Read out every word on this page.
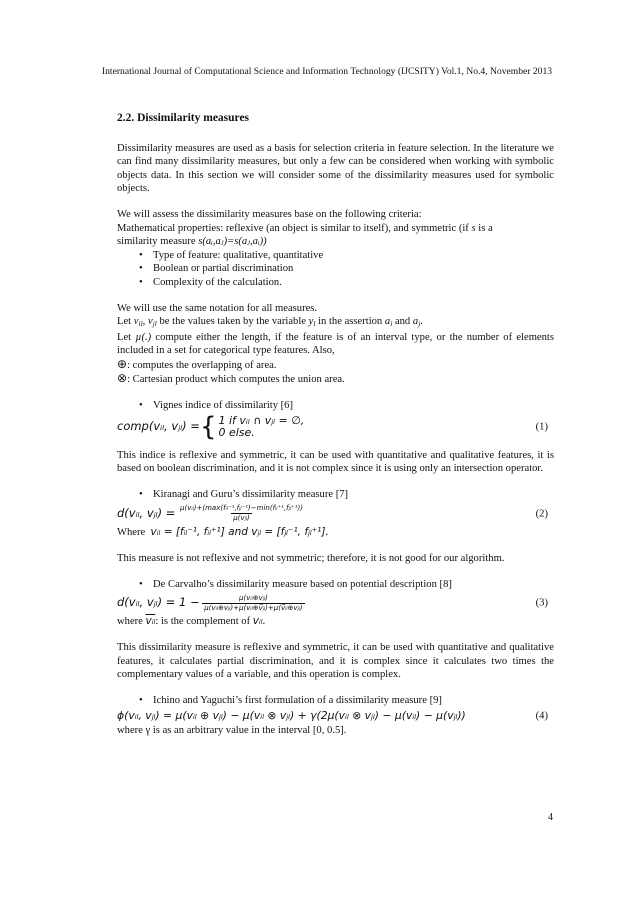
International Journal of Computational Science and Information Technology (IJCSITY) Vol.1, No.4, November 2013
2.2. Dissimilarity measures

Dissimilarity measures are used as a basis for selection criteria in feature selection. In the literature we can find many dissimilarity measures, but only a few can be considered when working with symbolic objects data. In this section we will consider some of the dissimilarity measures used for symbolic objects.

We will assess the dissimilarity measures base on the following criteria:

Mathematical properties: reflexive (an object is similar to itself), and symmetric (if s is a

similarity measure s(aᵢ,aⱼ)=s(aⱼ,aᵢ))

• Type of feature: qualitative, quantitative
• Boolean or partial discrimination
• Complexity of the calculation.

We will use the same notation for all measures.

Let $v_{il}$, $v_{jl}$ be the values taken by the variable $y_l$ in the assertion $a_i$ and $a_j$.

Let µ(.) compute either the length, if the feature is of an interval type, or the number of elements included in a set for categorical type features. Also,

⊕: computes the overlapping of area.

⊗: Cartesian product which computes the union area.

• Vignes indice of dissimilarity [6]
comp(vᵢₗ, vⱼₗ) = { 1 if vᵢₗ ∩ vⱼₗ = ∅,
0 else.	(1)

This indice is reflexive and symmetric, it can be used with quantitative and qualitative features, it is based on boolean discrimination, and it is not complex since it is using only an intersection operator.

• Kiranagi and Guru’s dissimilarity measure [7]
d(vᵢₗ, vⱼₗ) =
$\frac{\text{μ(vᵢₗ)+(max(fᵢₗ⁻¹,fⱼₗ⁻¹)−min(fᵢₗ⁺¹,fⱼₗ⁺¹))}}{\text{μ(vⱼₗ)}}$	(2)

Where vᵢₗ = [fᵢₗ⁻¹, fᵢₗ⁺¹] and vⱼₗ = [fⱼₗ⁻¹, fⱼₗ⁺¹].

This measure is not reflexive and not symmetric; therefore, it is not good for our algorithm.

• De Carvalho’s dissimilarity measure based on potential description [8]
d(vᵢₗ, vⱼₗ) = 1 −
$\frac{\text{μ(vᵢₗ⊕vⱼₗ)}}{\text{μ(vᵢₗ⊕vⱼₗ)+μ(vᵢₗ⊕v̅ⱼₗ)+μ(v̅ᵢₗ⊕vⱼₗ)}}$	(3)

where $\overline{vᵢ_l}$: is the complement of vᵢₗ.

This dissimilarity measure is reflexive and symmetric, it can be used with quantitative and qualitative features, it calculates partial discrimination, and it is complex since it calculates two times the complementary values of a variable, and this operation is complex.

• Ichino and Yaguchi’s first formulation of a dissimilarity measure [9]
ϕ(vᵢₗ, vⱼₗ) = μ(vᵢₗ ⊕ vⱼₗ) − μ(vᵢₗ ⊗ vⱼₗ) + γ(2μ(vᵢₗ ⊗ vⱼₗ) − μ(vᵢₗ) − μ(vⱼₗ))	(4)

where γ is as an arbitrary value in the interval [0, 0.5].

4
